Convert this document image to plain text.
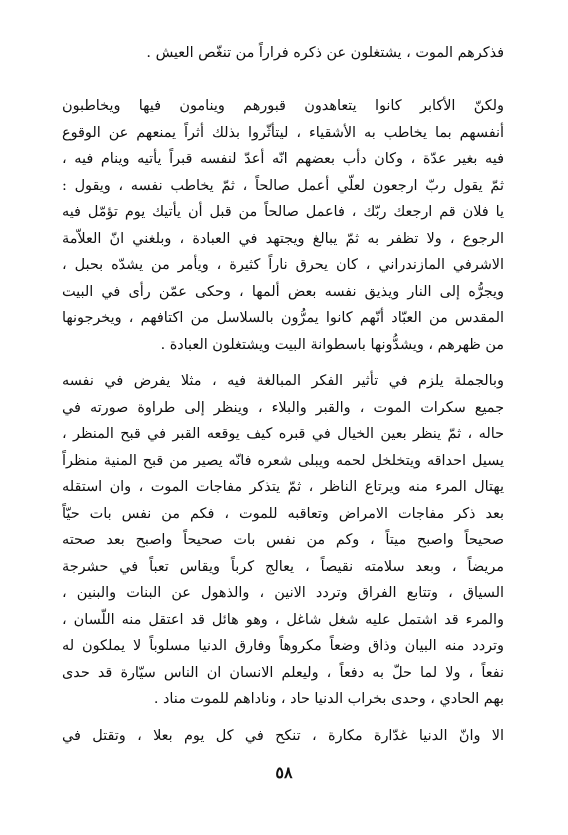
فذكرهم الموت ، يشتغلون عن ذكره فراراً من تنغّص العيش .
ولكنّ الأكابر كانوا يتعاهدون قبورهم وينامون فيها ويخاطبون
أنفسهم بما يخاطب به الأشقياء ، ليتأثّروا بذلك أثراً يمنعهم عن الوقوع
فيه بغير عدّة ، وكان دأب بعضهم انّه أعدّ لنفسه قبراً يأتيه وينام فيه ،
ثمّ يقول ربّ ارجعون لعلّي أعمل صالحاً ، ثمّ يخاطب نفسه ، ويقول :
يا فلان قم ارجعك ربّك ، فاعمل صالحاً من قبل أن يأتيك يوم تؤمّل فيه
الرجوع ، ولا تظفر به ثمّ يبالغ ويجتهد في العبادة ، وبلغني انّ العلاّمة
الاشرفي المازندراني ، كان يحرق ناراً كثيرة ، ويأمر من يشدّه بحبل ،
ويجرُّه إلى النار ويذيق نفسه بعض ألمها ، وحكى عمّن رأى في البيت
المقدس من العبّاد أنّهم كانوا يمرُّون بالسلاسل من اكتافهم ، ويخرجونها
من ظهرهم ، ويشدُّونها باسطوانة البيت ويشتغلون العبادة .
وبالجملة يلزم في تأثير الفكر المبالغة فيه ، مثلا يفرض في نفسه
جميع سكرات الموت ، والقبر والبلاء ، وينظر إلى طراوة صورته في
حاله ، ثمّ ينظر بعين الخيال في قبره كيف يوقعه القبر في قبح المنظر ،
يسيل احداقه ويتخلخل لحمه ويبلى شعره فانّه يصير من قبح المنية منظراً
يهتال المرء منه ويرتاع الناظر ، ثمّ يتذكر مفاجات الموت ، وان استقله
بعد ذكر مفاجات الامراض وتعاقبه للموت ، فكم من نفس بات حيّاً
صحيحاً واصبح ميتاً ، وكم من نفس بات صحيحاً واصبح بعد صحته
مريضاً ، وبعد سلامته نقيصاً ، يعالج كرباً ويقاس تعباً في حشرجة
السياق ، وتتابع الفراق وتردد الانين ، والذهول عن البنات والبنين ،
والمرء قد اشتمل عليه شغل شاغل ، وهو هائل قد اعتقل منه اللّسان ،
وتردد منه البيان وذاق وضعاً مكروهاً وفارق الدنيا مسلوباً لا يملكون له
نفعاً ، ولا لما حلّ به دفعاً ، وليعلم الانسان ان الناس سيّارة قد حدى
بهم الحادي ، وحدى بخراب الدنيا حاد ، وناداهم للموت مناد .
الا وانّ الدنيا غدّارة مكارة ، تنكح في كل يوم بعلا ، وتقتل في
٥٨
